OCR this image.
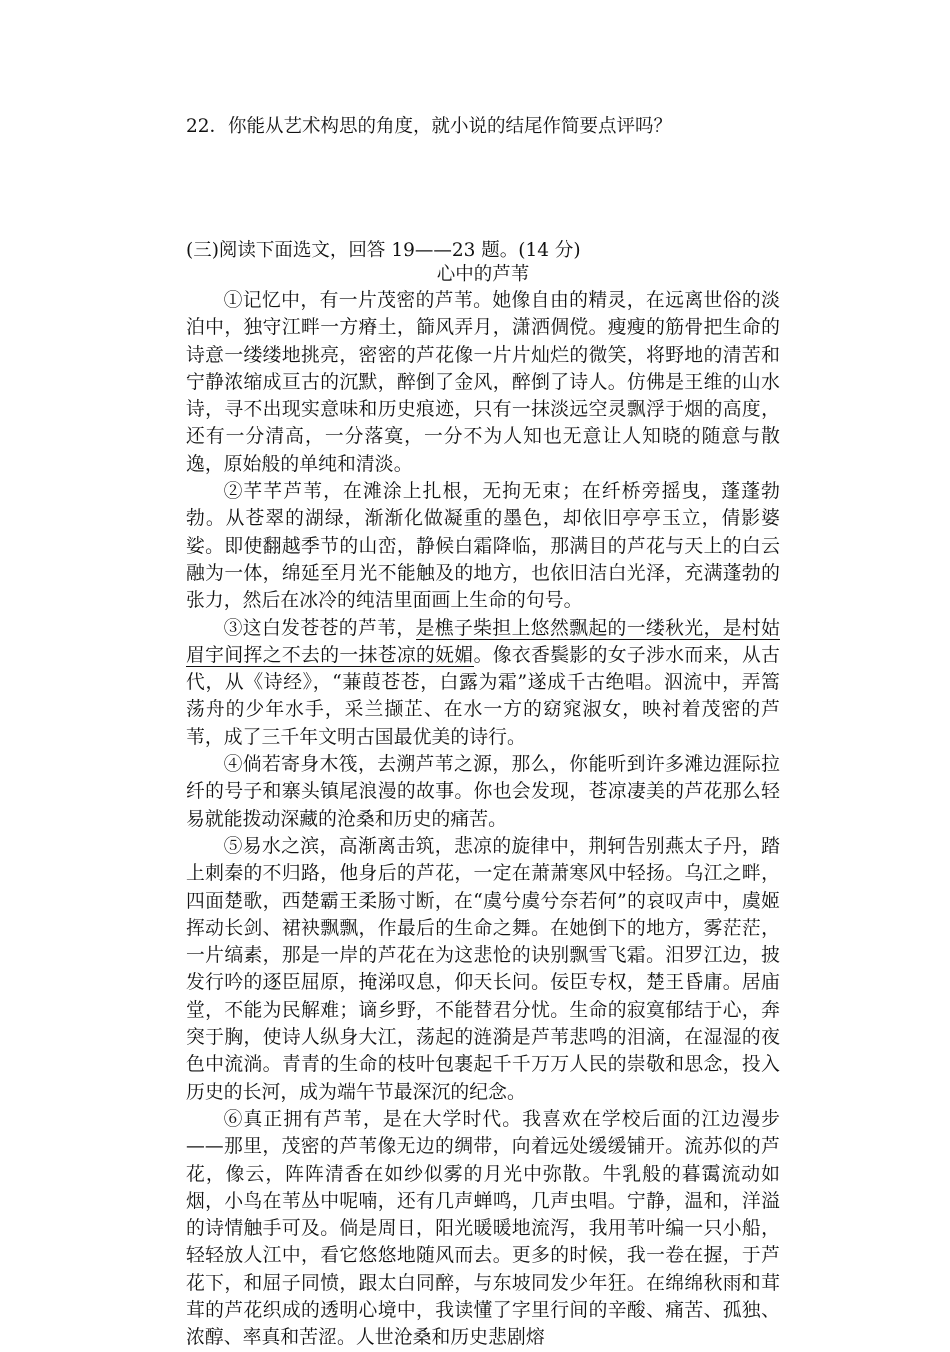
22．你能从艺术构思的角度，就小说的结尾作简要点评吗？
(三)阅读下面选文，回答 19——23 题。(14 分)
心中的芦苇

①记忆中，有一片茂密的芦苇。她像自由的精灵，在远离世俗的淡泊中，独守江畔一方瘠土，篩风弄月，潇洒倜傥。瘦瘦的筋骨把生命的诗意一缕缕地挑亮，密密的芦花像一片片灿烂的微笑，将野地的清苦和宁静浓缩成亘古的沉默，醉倒了金风，醉倒了诗人。仿佛是王维的山水诗，寻不出现实意味和历史痕迹，只有一抹淡远空灵飘浮于烟的高度，还有一分清高，一分落寞，一分不为人知也无意让人知晓的随意与散逸，原始般的单纯和清淡。

②芊芊芦苇，在滩涂上扎根，无拘无束；在纤桥旁摇曳，蓬蓬勃勃。从苍翠的湖绿，渐渐化做凝重的墨色，却依旧亭亭玉立，倩影婆娑。即使翻越季节的山峦，静候白霜降临，那满目的芦花与天上的白云融为一体，绵延至月光不能触及的地方，也依旧洁白光泽，充满蓬勃的张力，然后在冰冷的纯洁里面画上生命的句号。

③这白发苍苍的芦苇，是樵子柴担上悠然飘起的一缕秋光，是村姑眉宇间挥之不去的一抹苍凉的妩媚。像衣香鬓影的女子涉水而来，从古代，从《诗经》，“蒹葭苍苍，白露为霜”遂成千古绝唱。泅流中，弄篙荡舟的少年水手，采兰撷芷、在水一方的窈窕淑女，映衬着茂密的芦苇，成了三千年文明古国最优美的诗行。

④倘若寄身木筏，去溯芦苇之源，那么，你能听到许多滩边涯际拉纤的号子和寨头镇尾浪漫的故事。你也会发现，苍凉凄美的芦花那么轻易就能拨动深藏的沧桑和历史的痛苦。

⑤易水之滨，高渐离击筑，悲凉的旋律中，荆轲告别燕太子丹，踏上刺秦的不归路，他身后的芦花，一定在萧萧寒风中轻扬。乌江之畔，四面楚歌，西楚霸王柔肠寸断，在“虞兮虞兮奈若何”的哀叹声中，虞姬挥动长剑、裙袂飘飘，作最后的生命之舞。在她倒下的地方，雾茫茫，一片缟素，那是一岸的芦花在为这悲怆的诀别飘雪飞霜。汨罗江边，披发行吟的逐臣屈原，掩涕叹息，仰天长问。佞臣专权，楚王昏庸。居庙堂，不能为民解难；谪乡野，不能替君分忧。生命的寂寞郁结于心，奔突于胸，使诗人纵身大江，荡起的涟漪是芦苇悲鸣的泪滴，在湿湿的夜色中流淌。青青的生命的枝叶包裹起千千万万人民的崇敬和思念，投入历史的长河，成为端午节最深沉的纪念。

⑥真正拥有芦苇，是在大学时代。我喜欢在学校后面的江边漫步——那里，茂密的芦苇像无边的绸带，向着远处缓缓铺开。流苏似的芦花，像云，阵阵清香在如纱似雾的月光中弥散。牛乳般的暮霭流动如烟，小鸟在苇丛中呢喃，还有几声蝉鸣，几声虫唱。宁静，温和，洋溢的诗情触手可及。倘是周日，阳光暖暖地流泻，我用苇叶编一只小船，轻轻放人江中，看它悠悠地随风而去。更多的时候，我一卷在握，于芦花下，和屈子同愤，跟太白同醉，与东坡同发少年狂。在绵绵秋雨和茸茸的芦花织成的透明心境中，我读懂了字里行间的辛酸、痛苦、孤独、浓醇、率真和苦涩。人世沧桑和历史悲剧熔
